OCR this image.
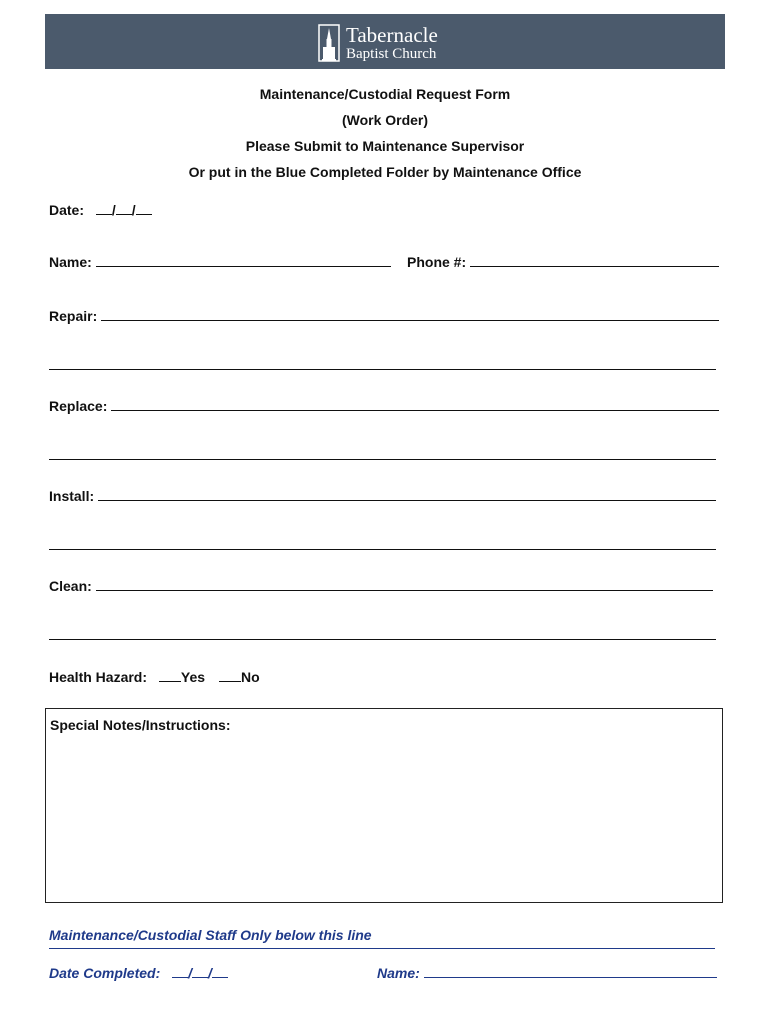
Tabernacle
Baptist Church
Maintenance/Custodial Request Form
(Work Order)
Please Submit to Maintenance Supervisor
Or put in the Blue Completed Folder by Maintenance Office
Date: / /
Name:	Phone #:
Repair:
Replace:
Install:
Clean:
Health Hazard: Yes	No
Special Notes/Instructions:
Maintenance/Custodial Staff Only below this line
Date Completed: / /	Name:
